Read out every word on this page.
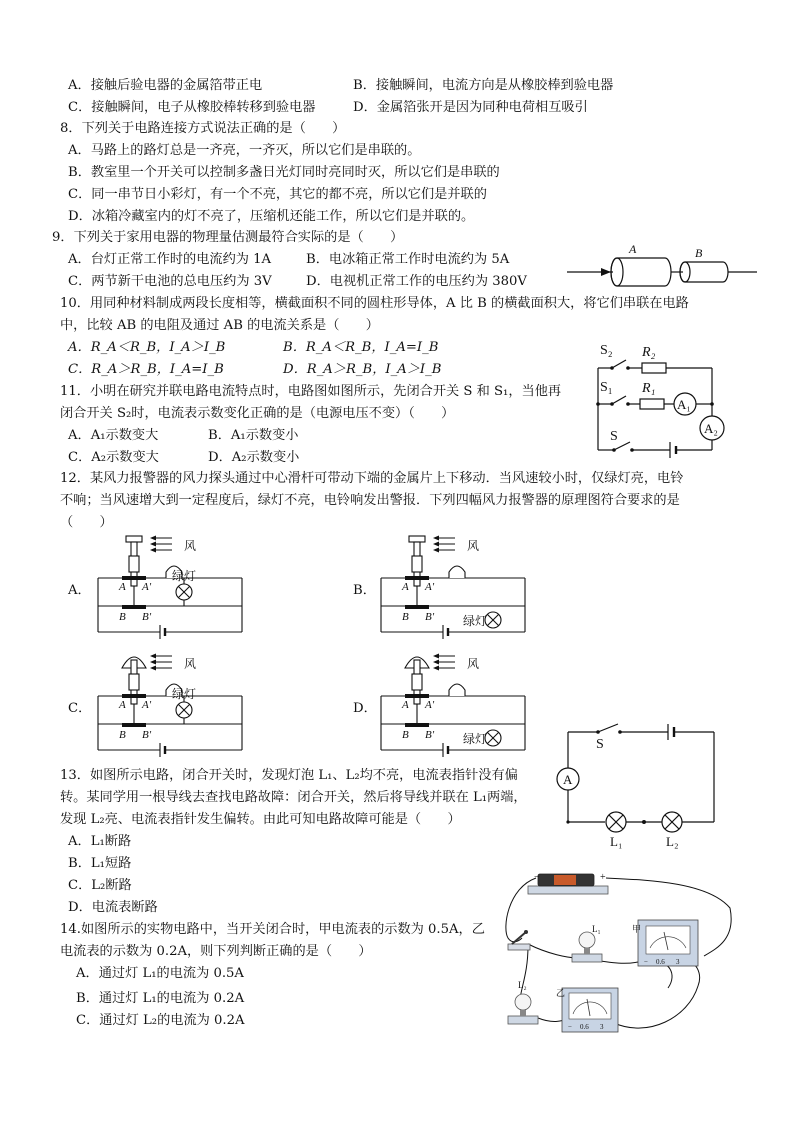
A．接触后验电器的金属箔带正电	B．接触瞬间，电流方向是从橡胶棒到验电器
C．接触瞬间，电子从橡胶棒转移到验电器	D．金属箔张开是因为同种电荷相互吸引
8．下列关于电路连接方式说法正确的是（　　）
A．马路上的路灯总是一齐亮，一齐灭，所以它们是串联的。
B．教室里一个开关可以控制多盏日光灯同时亮同时灭，所以它们是串联的
C．同一串节日小彩灯，有一个不亮，其它的都不亮，所以它们是并联的
D．冰箱冷藏室内的灯不亮了，压缩机还能工作，所以它们是并联的。
9．下列关于家用电器的物理量估测最符合实际的是（　　）
A．台灯正常工作时的电流约为 1A	B．电冰箱正常工作时电流约为 5A
C．两节新干电池的总电压约为 3V	D．电视机正常工作的电压约为 380V
A	B
10．用同种材料制成两段长度相等，横截面积不同的圆柱形导体，A 比 B 的横截面积大，将它们串联在电路
中，比较 AB 的电阻及通过 AB 的电流关系是（　　）
A．R_A＜R_B，I_A＞I_B	B．R_A＜R_B，I_A=I_B
C．R_A＞R_B，I_A=I_B	D．R_A＞R_B，I_A＞I_B
S₂ R₂
S₁ R₁
A₁
A₂
S
11．小明在研究并联电路电流特点时，电路图如图所示，先闭合开关 S 和 S₁，当他再
闭合开关 S₂时，电流表示数变化正确的是（电源电压不变）（　　）
A．A₁示数变大	B．A₁示数变小
C．A₂示数变大	D．A₂示数变小
12．某风力报警器的风力探头通过中心滑杆可带动下端的金属片上下移动．当风速较小时，仅绿灯亮，电铃
不响；当风速增大到一定程度后，绿灯不亮，电铃响发出警报．下列四幅风力报警器的原理图符合要求的是
（　　）
A．	B．
C．	D．
风
绿灯
A A′
B B′
风
绿灯
A A′
B B′
风
绿灯
A A′
B B′
风
绿灯
A A′
B B′
S
A
L₁	L₂
13．如图所示电路，闭合开关时，发现灯泡 L₁、L₂均不亮，电流表指针没有偏
转。某同学用一根导线去查找电路故障：闭合开关，然后将导线并联在 L₁两端，
发现 L₂亮、电流表指针发生偏转。由此可知电路故障可能是（　　）
A．L₁断路
B．L₁短路
C．L₂断路
D．电流表断路
−	+
L₁
L₂
甲
− 0.6 3
乙
− 0.6 3
14.如图所示的实物电路中，当开关闭合时，甲电流表的示数为 0.5A，乙
电流表的示数为 0.2A，则下列判断正确的是（　　）
A．通过灯 L₁的电流为 0.5A
B．通过灯 L₁的电流为 0.2A
C．通过灯 L₂的电流为 0.2A
